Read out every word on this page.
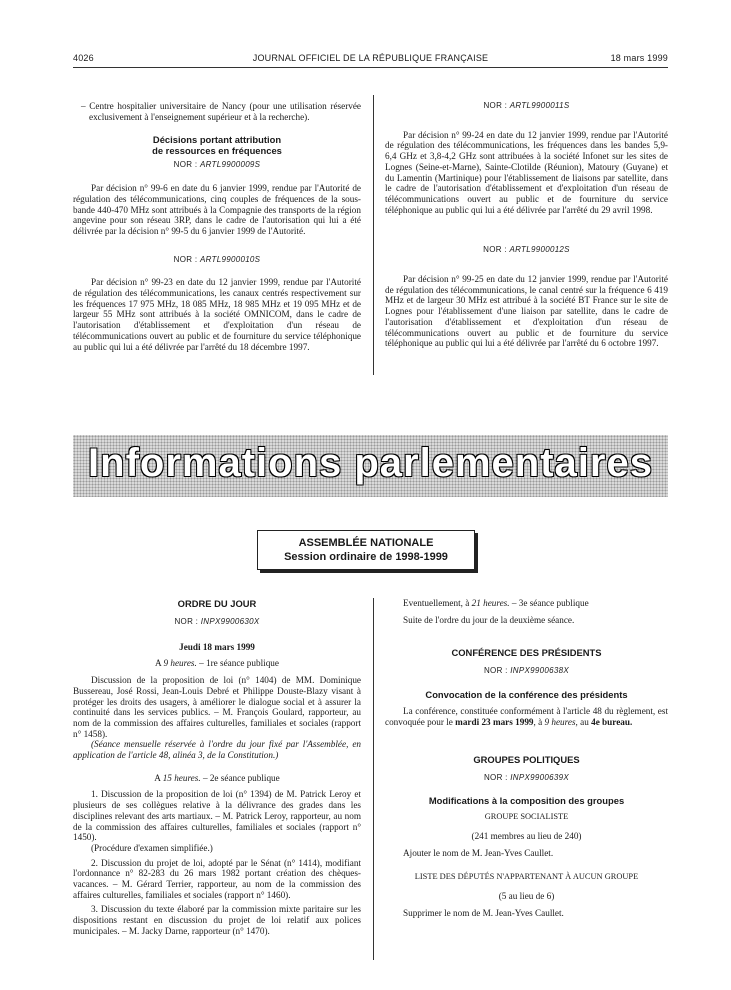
4026	JOURNAL OFFICIEL DE LA RÉPUBLIQUE FRANÇAISE	18 mars 1999

– Centre hospitalier universitaire de Nancy (pour une utilisation réservée exclusivement à l'enseignement supérieur et à la recherche).

Décisions portant attribution

de ressources en fréquences

NOR : ARTL9900009S

Par décision n° 99-6 en date du 6 janvier 1999, rendue par l'Autorité de régulation des télécommunications, cinq couples de fréquences de la sous-bande 440-470 MHz sont attribués à la Compagnie des transports de la région angevine pour son réseau 3RP, dans le cadre de l'autorisation qui lui a été délivrée par la décision n° 99-5 du 6 janvier 1999 de l'Autorité.

NOR : ARTL9900010S

Par décision n° 99-23 en date du 12 janvier 1999, rendue par l'Autorité de régulation des télécommunications, les canaux centrés respectivement sur les fréquences 17 975 MHz, 18 085 MHz, 18 985 MHz et 19 095 MHz et de largeur 55 MHz sont attribués à la société OMNICOM, dans le cadre de l'autorisation d'établissement et d'exploitation d'un réseau de télécommunications ouvert au public et de fourniture du service téléphonique au public qui lui a été délivrée par l'arrêté du 18 décembre 1997.

NOR : ARTL9900011S

Par décision n° 99-24 en date du 12 janvier 1999, rendue par l'Autorité de régulation des télécommunications, les fréquences dans les bandes 5,9-6,4 GHz et 3,8-4,2 GHz sont attribuées à la société Infonet sur les sites de Lognes (Seine-et-Marne), Sainte-Clotilde (Réunion), Matoury (Guyane) et du Lamentin (Martinique) pour l'établissement de liaisons par satellite, dans le cadre de l'autorisation d'établissement et d'exploitation d'un réseau de télécommunications ouvert au public et de fourniture du service téléphonique au public qui lui a été délivrée par l'arrêté du 29 avril 1998.

NOR : ARTL9900012S

Par décision n° 99-25 en date du 12 janvier 1999, rendue par l'Autorité de régulation des télécommunications, le canal centré sur la fréquence 6 419 MHz et de largeur 30 MHz est attribué à la société BT France sur le site de Lognes pour l'établissement d'une liaison par satellite, dans le cadre de l'autorisation d'établissement et d'exploitation d'un réseau de télécommunications ouvert au public et de fourniture du service téléphonique au public qui lui a été délivrée par l'arrêté du 6 octobre 1997.

Informations parlementaires
ASSEMBLÉE NATIONALE
Session ordinaire de 1998-1999

ORDRE DU JOUR

NOR : INPX9900630X

Jeudi 18 mars 1999

A 9 heures. – 1re séance publique

Discussion de la proposition de loi (n° 1404) de MM. Dominique Bussereau, José Rossi, Jean-Louis Debré et Philippe Douste-Blazy visant à protéger les droits des usagers, à améliorer le dialogue social et à assurer la continuité dans les services publics. – M. François Goulard, rapporteur, au nom de la commission des affaires culturelles, familiales et sociales (rapport n° 1458).

(Séance mensuelle réservée à l'ordre du jour fixé par l'Assemblée, en application de l'article 48, alinéa 3, de la Constitution.)

A 15 heures. – 2e séance publique

1. Discussion de la proposition de loi (n° 1394) de M. Patrick Leroy et plusieurs de ses collègues relative à la délivrance des grades dans les disciplines relevant des arts martiaux. – M. Patrick Leroy, rapporteur, au nom de la commission des affaires culturelles, familiales et sociales (rapport n° 1450).

(Procédure d'examen simplifiée.)

2. Discussion du projet de loi, adopté par le Sénat (n° 1414), modifiant l'ordonnance n° 82-283 du 26 mars 1982 portant création des chèques-vacances. – M. Gérard Terrier, rapporteur, au nom de la commission des affaires culturelles, familiales et sociales (rapport n° 1460).

3. Discussion du texte élaboré par la commission mixte paritaire sur les dispositions restant en discussion du projet de loi relatif aux polices municipales. – M. Jacky Darne, rapporteur (n° 1470).

Eventuellement, à 21 heures. – 3e séance publique

Suite de l'ordre du jour de la deuxième séance.

CONFÉRENCE DES PRÉSIDENTS

NOR : INPX9900638X

Convocation de la conférence des présidents

La conférence, constituée conformément à l'article 48 du règlement, est convoquée pour le mardi 23 mars 1999, à 9 heures, au 4e bureau.

GROUPES POLITIQUES

NOR : INPX9900639X

Modifications à la composition des groupes

GROUPE SOCIALISTE

(241 membres au lieu de 240)

Ajouter le nom de M. Jean-Yves Caullet.

LISTE DES DÉPUTÉS N'APPARTENANT À AUCUN GROUPE

(5 au lieu de 6)

Supprimer le nom de M. Jean-Yves Caullet.
